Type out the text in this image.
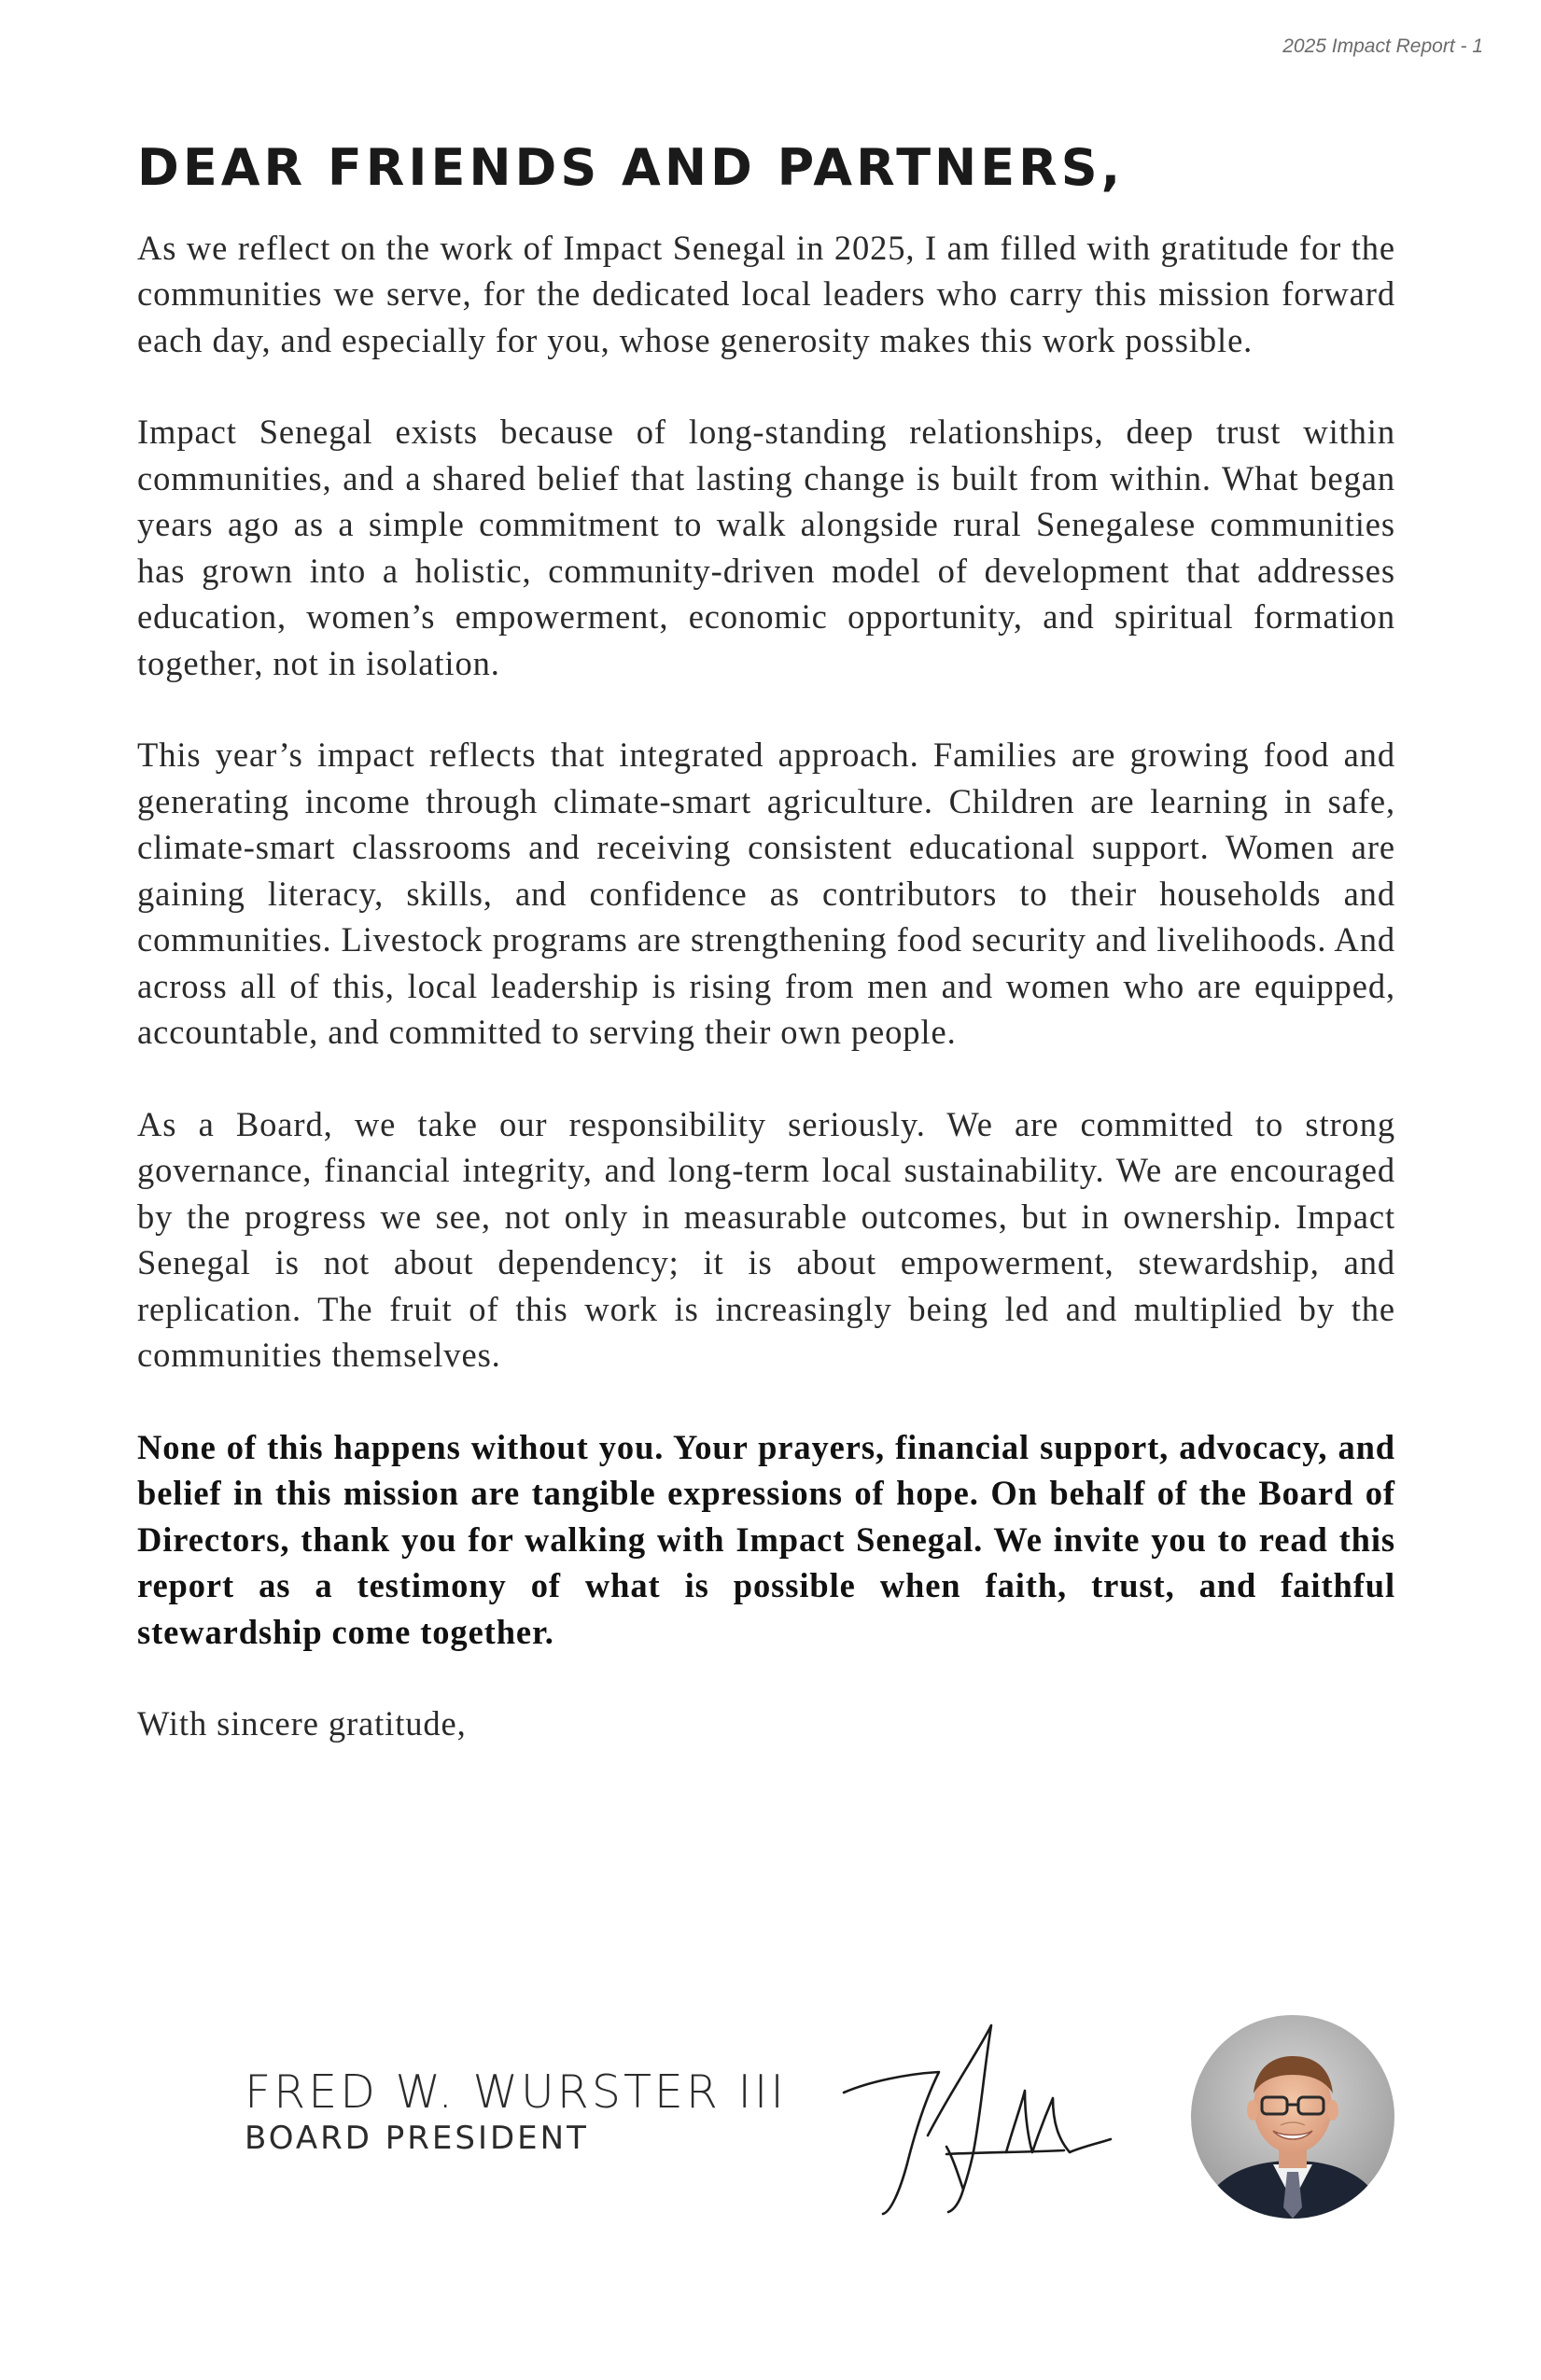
2025 Impact Report - 1
DEAR FRIENDS AND PARTNERS,

As we reflect on the work of Impact Senegal in 2025, I am filled with gratitude for the communities we serve, for the dedicated local leaders who carry this mission forward each day, and especially for you, whose generosity makes this work possible.

Impact Senegal exists because of long-standing relationships, deep trust within communities, and a shared belief that lasting change is built from within. What began years ago as a simple commitment to walk alongside rural Senegalese communities has grown into a holistic, community-driven model of development that addresses education, women’s empowerment, economic opportunity, and spiritual formation together, not in isolation.

This year’s impact reflects that integrated approach. Families are growing food and generating income through climate-smart agriculture. Children are learning in safe, climate-smart classrooms and receiving consistent educational support. Women are gaining literacy, skills, and confidence as contributors to their households and communities. Livestock programs are strengthening food security and livelihoods. And across all of this, local leadership is rising from men and women who are equipped, accountable, and committed to serving their own people.

As a Board, we take our responsibility seriously. We are committed to strong governance, financial integrity, and long-term local sustainability. We are encouraged by the progress we see, not only in measurable outcomes, but in ownership. Impact Senegal is not about dependency; it is about empowerment, stewardship, and replication. The fruit of this work is increasingly being led and multiplied by the communities themselves.

None of this happens without you. Your prayers, financial support, advocacy, and belief in this mission are tangible expressions of hope. On behalf of the Board of Directors, thank you for walking with Impact Senegal. We invite you to read this report as a testimony of what is possible when faith, trust, and faithful stewardship come together.

With sincere gratitude,

FRED W. WURSTER III
BOARD PRESIDENT
